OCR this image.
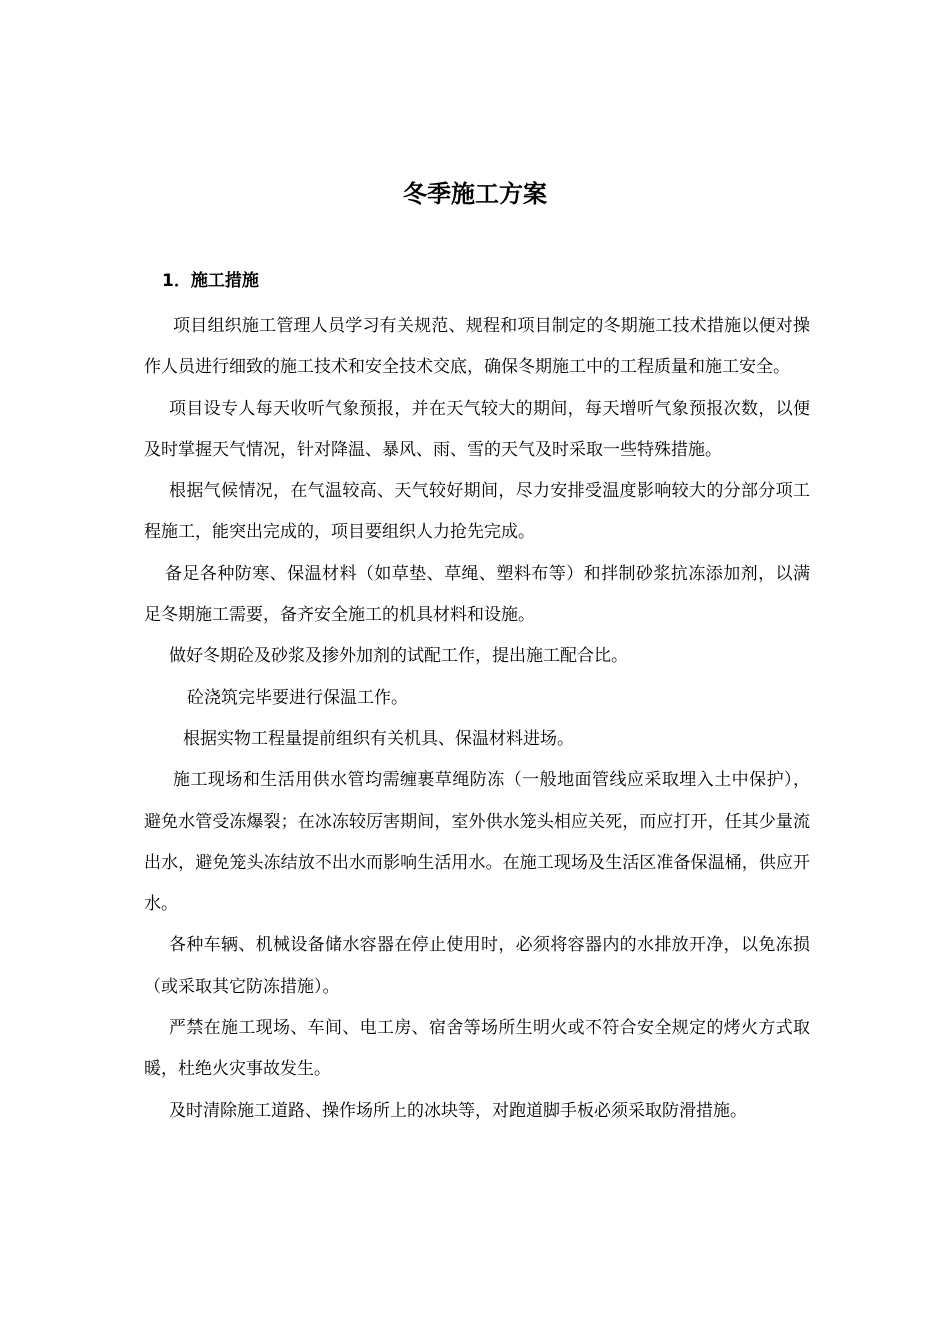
冬季施工方案
1．施工措施

项目组织施工管理人员学习有关规范、规程和项目制定的冬期施工技术措施以便对操作人员进行细致的施工技术和安全技术交底，确保冬期施工中的工程质量和施工安全。

项目设专人每天收听气象预报，并在天气较大的期间，每天增听气象预报次数，以便及时掌握天气情况，针对降温、暴风、雨、雪的天气及时采取一些特殊措施。

根据气候情况，在气温较高、天气较好期间，尽力安排受温度影响较大的分部分项工程施工，能突出完成的，项目要组织人力抢先完成。

备足各种防寒、保温材料（如草垫、草绳、塑料布等）和拌制砂浆抗冻添加剂，以满足冬期施工需要，备齐安全施工的机具材料和设施。

做好冬期砼及砂浆及掺外加剂的试配工作，提出施工配合比。

砼浇筑完毕要进行保温工作。

根据实物工程量提前组织有关机具、保温材料进场。

施工现场和生活用供水管均需缠裹草绳防冻（一般地面管线应采取埋入土中保护），避免水管受冻爆裂；在冰冻较厉害期间，室外供水笼头相应关死，而应打开，任其少量流出水，避免笼头冻结放不出水而影响生活用水。在施工现场及生活区准备保温桶，供应开水。

各种车辆、机械设备储水容器在停止使用时，必须将容器内的水排放开净，以免冻损（或采取其它防冻措施）。

严禁在施工现场、车间、电工房、宿舍等场所生明火或不符合安全规定的烤火方式取暖，杜绝火灾事故发生。

及时清除施工道路、操作场所上的冰块等，对跑道脚手板必须采取防滑措施。
